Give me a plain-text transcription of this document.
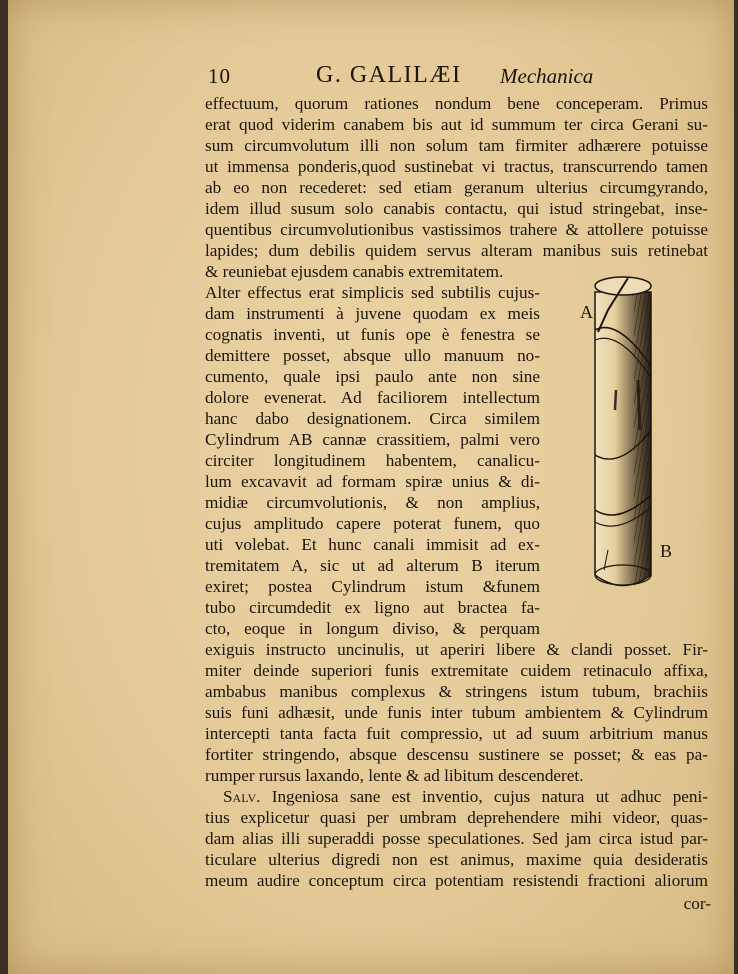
10	G. GALILÆI Mechanica
effectuum, quorum rationes nondum bene conceperam. Primus
erat quod viderim canabem bis aut id summum ter circa Gerani su-
sum circumvolutum illi non solum tam firmiter adhærere potuisse
ut immensa ponderis,quod sustinebat vi tractus, transcurrendo tamen
ab eo non recederet: sed etiam geranum ulterius circumgyrando,
idem illud susum solo canabis contactu, qui istud stringebat, inse-
quentibus circumvolutionibus vastissimos trahere & attollere potuisse
lapides; dum debilis quidem servus alteram manibus suis retinebat
& reuniebat ejusdem canabis extremitatem.
Alter effectus erat simplicis sed subtilis cujus-
dam instrumenti à juvene quodam ex meis
cognatis inventi, ut funis ope è fenestra se
demittere posset, absque ullo manuum no-
cumento, quale ipsi paulo ante non sine
dolore evenerat. Ad faciliorem intellectum
hanc dabo designationem. Circa similem
Cylindrum AB cannæ crassitiem, palmi vero
circiter longitudinem habentem, canalicu-
lum excavavit ad formam spiræ unius & di-
midiæ circumvolutionis, & non amplius,
cujus amplitudo capere poterat funem, quo
uti volebat. Et hunc canali immisit ad ex-
tremitatem A, sic ut ad alterum B iterum
exiret; postea Cylindrum istum &funem
tubo circumdedit ex ligno aut bractea fa-
cto, eoque in longum diviso, & perquam
exiguis instructo uncinulis, ut aperiri libere & clandi posset. Fir-
miter deinde superiori funis extremitate cuidem retinaculo affixa,
ambabus manibus complexus & stringens istum tubum, brachiis
suis funi adhæsit, unde funis inter tubum ambientem & Cylindrum
intercepti tanta facta fuit compressio, ut ad suum arbitrium manus
fortiter stringendo, absque descensu sustinere se posset; & eas pa-
rumper rursus laxando, lente & ad libitum descenderet.
Salv. Ingeniosa sane est inventio, cujus natura ut adhuc peni-
tius explicetur quasi per umbram deprehendere mihi videor, quas-
dam alias illi superaddi posse speculationes. Sed jam circa istud par-
ticulare ulterius digredi non est animus, maxime quia desideratis
meum audire conceptum circa potentiam resistendi fractioni aliorum
cor-
A
B
